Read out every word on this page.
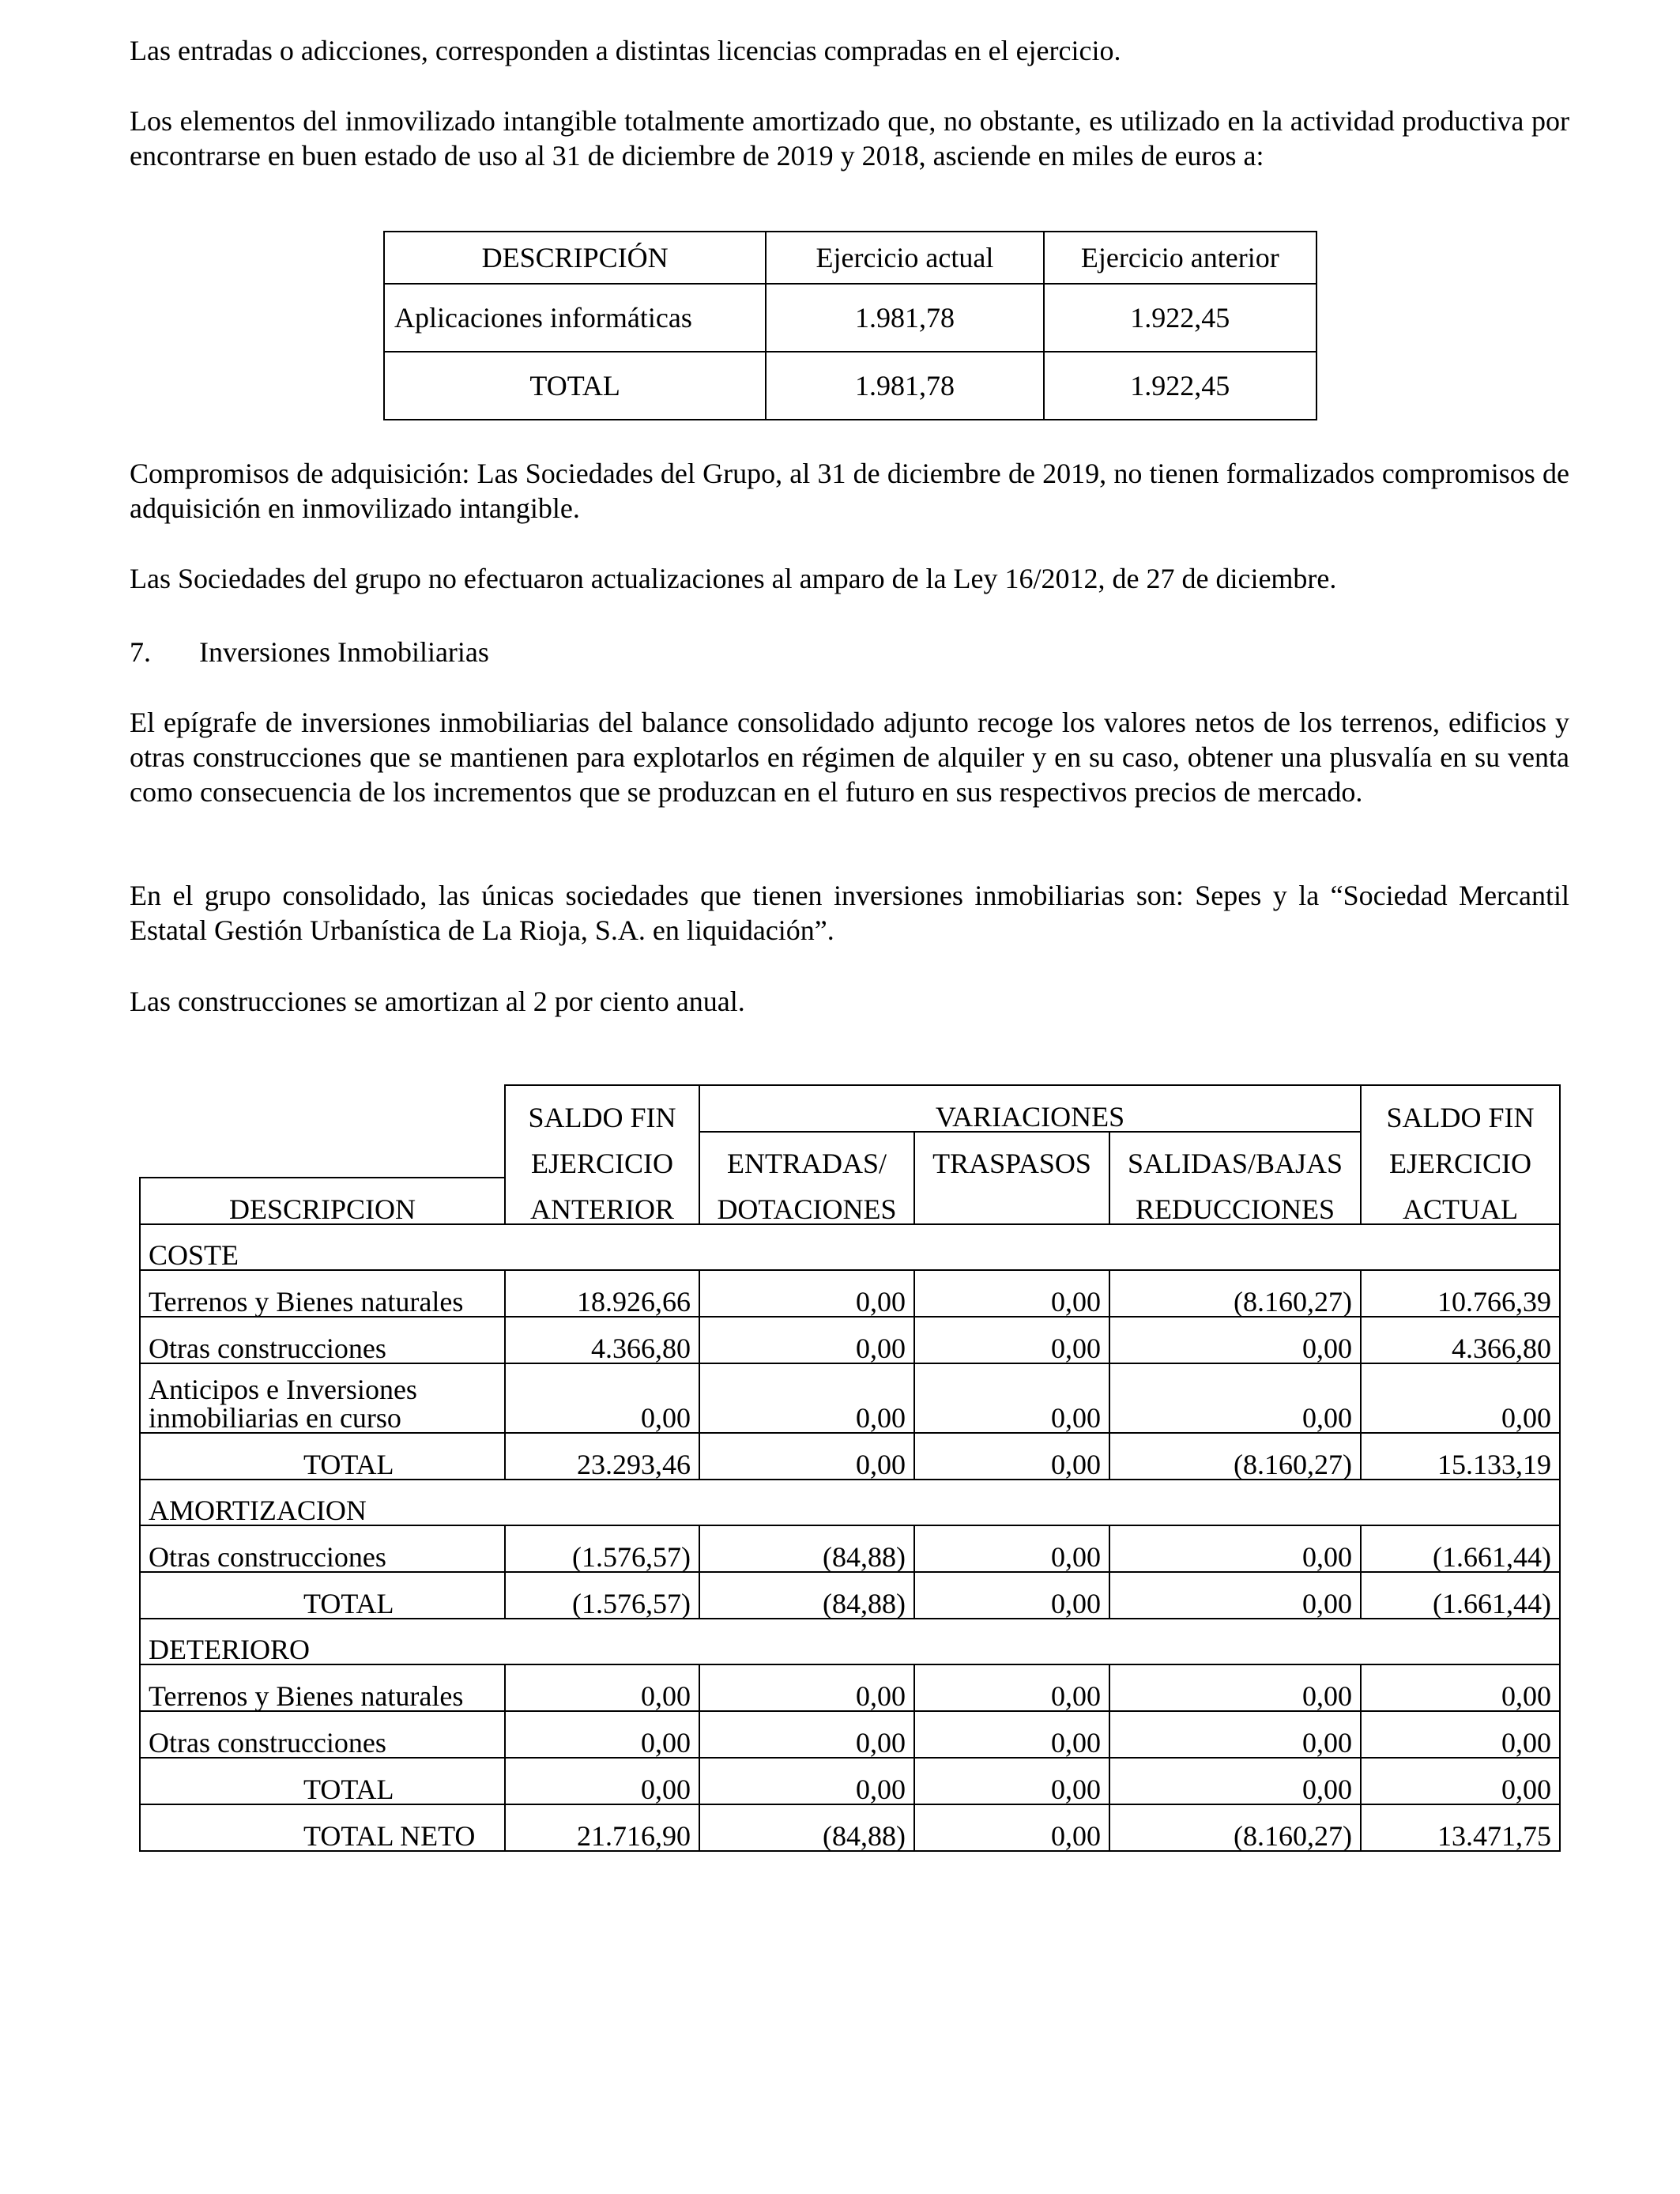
Las entradas o adicciones, corresponden a distintas licencias compradas en el ejercicio.

Los elementos del inmovilizado intangible totalmente amortizado que, no obstante, es utilizado en la actividad productiva por encontrarse en buen estado de uso al 31 de diciembre de 2019 y 2018, asciende en miles de euros a:

DESCRIPCIÓN	Ejercicio actual	Ejercicio anterior
Aplicaciones informáticas	1.981,78	1.922,45
TOTAL	1.981,78	1.922,45

Compromisos de adquisición: Las Sociedades del Grupo, al 31 de diciembre de 2019, no tienen formalizados compromisos de adquisición en inmovilizado intangible.

Las Sociedades del grupo no efectuaron actualizaciones al amparo de la Ley 16/2012, de 27 de diciembre.

7. Inversiones Inmobiliarias

El epígrafe de inversiones inmobiliarias del balance consolidado adjunto recoge los valores netos de los terrenos, edificios y otras construcciones que se mantienen para explotarlos en régimen de alquiler y en su caso, obtener una plusvalía en su venta como consecuencia de los incrementos que se produzcan en el futuro en sus respectivos precios de mercado.

En el grupo consolidado, las únicas sociedades que tienen inversiones inmobiliarias son: Sepes y la “Sociedad Mercantil Estatal Gestión Urbanística de La Rioja, S.A. en liquidación”.

Las construcciones se amortizan al 2 por ciento anual.

	SALDO FIN	VARIACIONES			SALDO FIN
	EJERCICIO	ENTRADAS/	TRASPASOS	SALIDAS/BAJAS	EJERCICIO
DESCRIPCION	ANTERIOR	DOTACIONES		REDUCCIONES	ACTUAL
COSTE					
Terrenos y Bienes naturales	18.926,66	0,00	0,00	(8.160,27)	10.766,39
Otras construcciones	4.366,80	0,00	0,00	0,00	4.366,80
Anticipos e Inversiones
inmobiliarias en curso	0,00	0,00	0,00	0,00	0,00
TOTAL	23.293,46	0,00	0,00	(8.160,27)	15.133,19
AMORTIZACION					
Otras construcciones	(1.576,57)	(84,88)	0,00	0,00	(1.661,44)
TOTAL	(1.576,57)	(84,88)	0,00	0,00	(1.661,44)
DETERIORO					
Terrenos y Bienes naturales	0,00	0,00	0,00	0,00	0,00
Otras construcciones	0,00	0,00	0,00	0,00	0,00
TOTAL	0,00	0,00	0,00	0,00	0,00
TOTAL NETO	21.716,90	(84,88)	0,00	(8.160,27)	13.471,75
